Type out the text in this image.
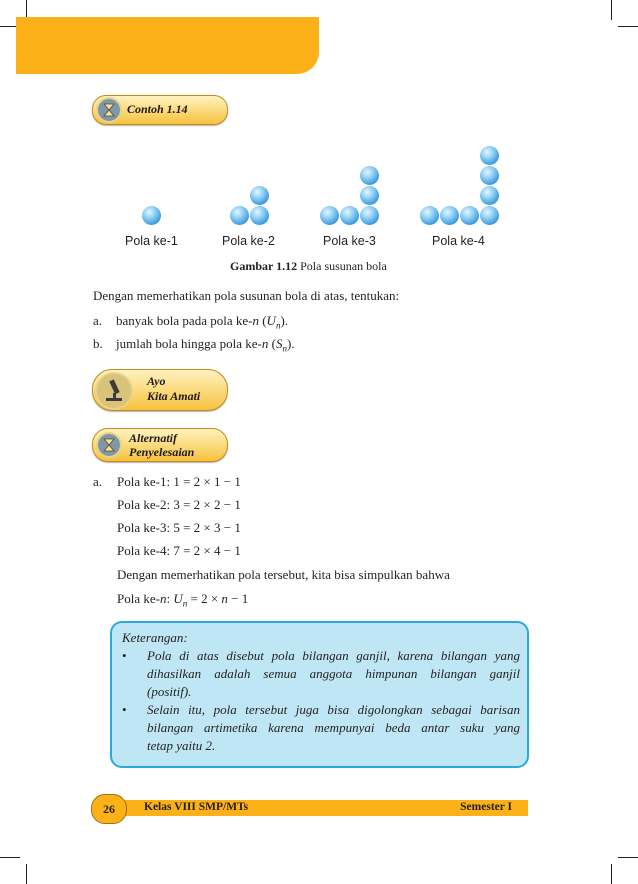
Contoh 1.14
Pola ke-1	Pola ke-2	Pola ke-3	Pola ke-4
Gambar 1.12 Pola susunan bola
Dengan memerhatikan pola susunan bola di atas, tentukan:
a. banyak bola pada pola ke-n $(U_n)$.
b. jumlah bola hingga pola ke-n $(S_n)$.
Ayo
Kita Amati
Alternatif
Penyelesaian
a. Pola ke-1: 1 = 2 × 1 − 1
Pola ke-2: 3 = 2 × 2 − 1
Pola ke-3: 5 = 2 × 3 − 1
Pola ke-4: 7 = 2 × 4 − 1
Dengan memerhatikan pola tersebut, kita bisa simpulkan bahwa
Pola ke-n: $U_n = 2 \times n - 1$
Keterangan:
• Pola di atas disebut pola bilangan ganjil, karena bilangan yang
dihasilkan adalah semua anggota himpunan bilangan ganjil
(positif).
• Selain itu, pola tersebut juga bisa digolongkan sebagai barisan
bilangan artimetika karena mempunyai beda antar suku yang
tetap yaitu 2.
Kelas VIII SMP/MTs	Semester I
26
